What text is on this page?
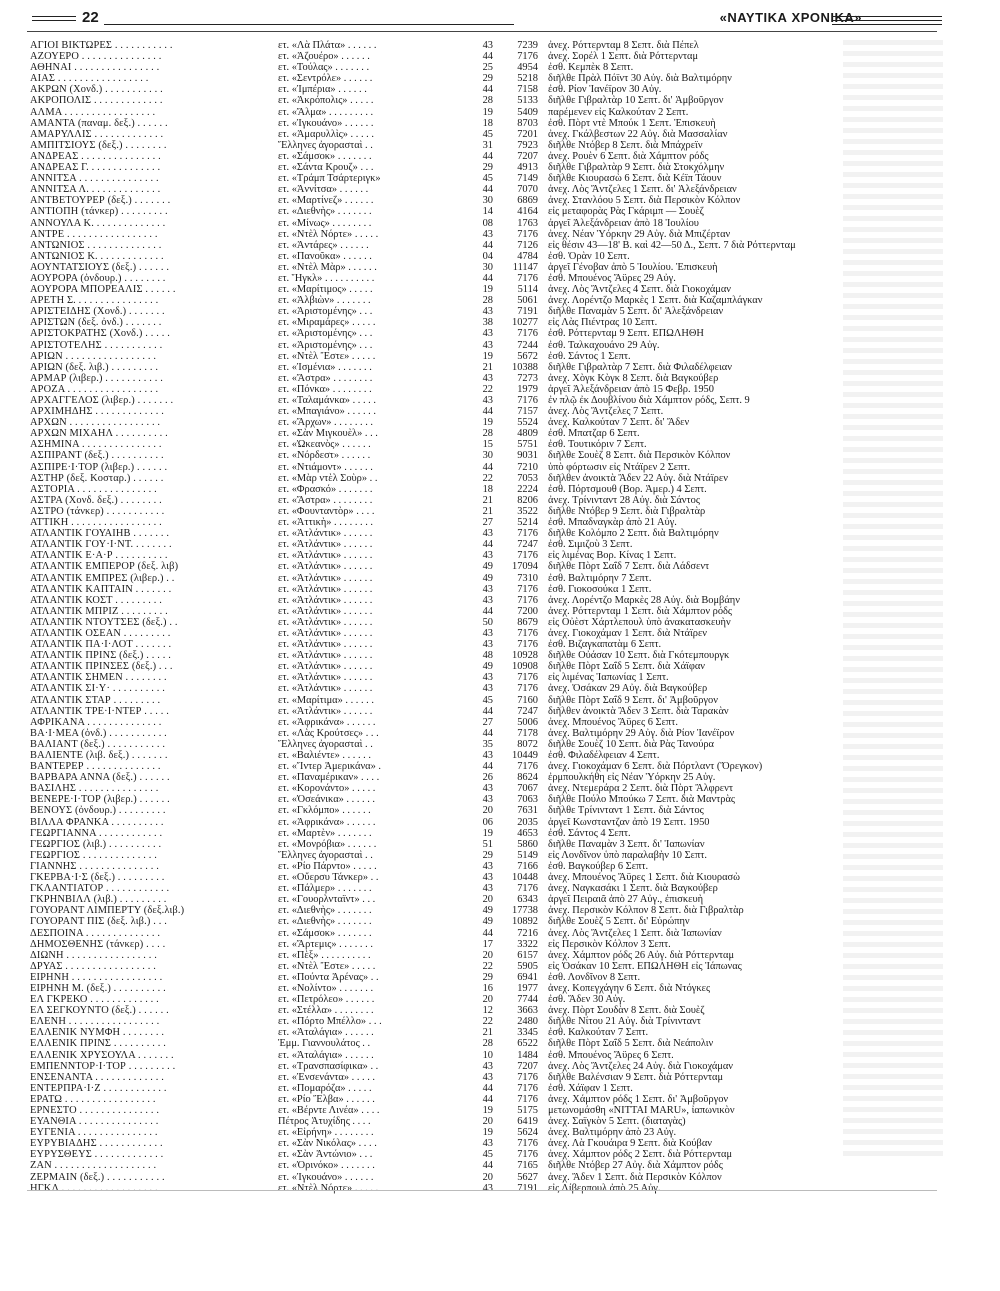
22	«ΝΑΥΤΙΚΑ ΧΡΟΝΙΚΑ»
ΑΓΙΟΙ ΒΙΚΤΩΡΕΣ . . . . . . . . . . .	ετ. «Λὰ Πλάτα» . . . . . .	43	7239 ἀνεχ. Ρόττερνταμ 8 Σεπτ. διὰ Πέπελ
ΑΖΟΥΕΡΟ . . . . . . . . . . . . . . .	ετ. «Ἀζουέρο» . . . . . .	44	7176 ἀνεχ. Σορέλ 1 Σεπτ. διὰ Ρόττερνταμ
ΑΘΗΝΑΙ . . . . . . . . . . . . . . . .	ετ. «Τούλας» . . . . . . .	25	4954 ἐσθ. Κεμπὲκ 8 Σεπτ.
ΑΙΑΣ . . . . . . . . . . . . . . . . .	ετ. «Σεντρόλε» . . . . . .	29	5218 διῆλθε Πρὰλ Πόϊντ 30 Αὐγ. διὰ Βαλτιμόρην
ΑΚΡΩΝ (Χονδ.) . . . . . . . . . . .	ετ. «Ἰμπέρια» . . . . . .	44	7158 ἐσθ. Ρίον Ἰανέϊρον 30 Αὐγ.
ΑΚΡΟΠΟΛΙΣ . . . . . . . . . . . . .	ετ. «Ἀκρόπολις» . . . . .	28	5133 διῆλθε Γιβραλτὰρ 10 Σεπτ. δι' Ἀμβοῦργον
ΑΛΜΑ . . . . . . . . . . . . . . . . .	ετ. «Ἄλμα» . . . . . . . . .	19	5409 παρέμενεν εἰς Καλκούταν 2 Σεπτ.
ΑΜΑΝΤΑ (παναμ. δεξ.) . . . . . .	ετ. «Ἰγκουάνο» . . . . . .	18	8703 ἐσθ. Πὸρτ ντὲ Μπούκ 1 Σεπτ. Ἐπισκευὴ
ΑΜΑΡΥΛΛΙΣ . . . . . . . . . . . . .	ετ. «Ἀμαρυλλὶς» . . . . .	45	7201 ἀνεχ. Γκάλβεστων 22 Αὐγ. διὰ Μασσαλίαν
ΑΜΠΙΤΣΙΟΥΣ (δεξ.) . . . . . . . .	Ἕλληνες ἀγορασταὶ . .	31	7923 διῆλθε Ντόβερ 8 Σεπτ. διὰ Μπάχρεϊν
ΑΝΔΡΕΑΣ . . . . . . . . . . . . . . .	ετ. «Σάμσοκ» . . . . . . .	44	7207 ἀνεχ. Ρουὲν 6 Σεπτ. διὰ Χάμπτον ρόδς
ΑΝΔΡΕΑΣ Γ. . . . . . . . . . . . . .	ετ. «Σάντα Κρουζ» . . .	29	4913 διῆλθε Γιβραλτὰρ 9 Σεπτ. διὰ Στοκχόλμην
ΑΝΝΙΤΣΑ . . . . . . . . . . . . . . .	ετ. «Τράμπ Τσάρτεριγκ»	45	7149 διῆλθε Κιουρασὼ 6 Σεπτ. διὰ Κέϊπ Τάουν
ΑΝΝΙΤΣΑ Λ. . . . . . . . . . . . . .	ετ. «Ἀννίτσα» . . . . . .	44	7070 ἀνεχ. Λὸς Ἄντζελες 1 Σεπτ. δι' Ἀλεξάνδρειαν
ΑΝΤΒΕΤΟΥΡΕΡ (δεξ.) . . . . . . .	ετ. «Μαρτίνεζ» . . . . . .	30	6869 ἀνεχ. Στανλόου 5 Σεπτ. διὰ Περσικὸν Κόλπον
ΑΝΤΙΟΠΗ (τάνκερ) . . . . . . . . .	ετ. «Διεθνὴς» . . . . . . .	14	4164 εἰς μεταφορὰς Ρὰς Γκάριμπ — Σουὲζ
ΑΝΝΟΥΛΑ Κ. . . . . . . . . . . . . .	ετ. «Μίνως» . . . . . . . .	08	1763 ἀργεῖ Ἀλεξάνδρειαν ἀπὸ 18 Ἰουλίου
ΑΝΤΡΕ . . . . . . . . . . . . . . . . .	ετ. «Ντὲλ Νόρτε» . . . . .	43	7176 ἀνεχ. Νέαν Ὑόρκην 29 Αὐγ. διὰ Μπιζέρταν
ΑΝΤΩΝΙΟΣ . . . . . . . . . . . . . .	ετ. «Ἀντάρες» . . . . . .	44	7126 εἰς θέσιν 43—18' Β. καὶ 42—50 Δ., Σεπτ. 7 διὰ Ρόττερνταμ
ΑΝΤΩΝΙΟΣ Κ. . . . . . . . . . . . .	ετ. «Πανοῦκα» . . . . . .	04	4784 ἐσθ. Ὀρὰν 10 Σεπτ.
ΑΟΥΝΤΑΤΣΙΟΥΣ (δεξ.) . . . . . .	ετ. «Ντὲλ Μὰρ» . . . . . .	30	11147 ἀργεῖ Γένοβαν ἀπὸ 5 Ἰουλίου. Ἐπισκευὴ
ΑΟΥΡΟΡΑ (ὀνδουρ.) . . . . . . . .	ετ. Ἥγκλ» . . . . . . . . . .	44	7176 ἐσθ. Μπουένος Ἄϋρες 29 Αὐγ.
ΑΟΥΡΟΡΑ ΜΠΟΡΕΑΛΙΣ . . . . . .	ετ. «Μαρίτιμος» . . . . .	19	5114 ἀνεχ. Λὸς Ἄντζελες 4 Σεπτ. διὰ Γιοκοχάμαν
ΑΡΕΤΗ Σ. . . . . . . . . . . . . . . .	ετ. «Ἀλβιὼν» . . . . . . .	28	5061 ἀνεχ. Λορέντζο Μαρκὲς 1 Σεπτ. διὰ Καζαμπλάγκαν
ΑΡΙΣΤΕΙΔΗΣ (Χονδ.) . . . . . . .	ετ. «Ἀριστομένης» . . .	43	7191 διῆλθε Παναμὰν 5 Σεπτ. δι' Ἀλεξάνδρειαν
ΑΡΙΣΤΩΝ (δεξ. ὀνδ.) . . . . . . .	ετ. «Μιραμάρες» . . . . .	38	10277 εἰς Λὰς Πιέντρας 10 Σεπτ.
ΑΡΙΣΤΟΚΡΑΤΗΣ (Χονδ.) . . . . .	ετ. «Ἀριστομένης» . . .	43	7176 ἐσθ. Ρόττερνταμ 9 Σεπτ. ΕΠΩΛΗΘΗ
ΑΡΙΣΤΟΤΕΛΗΣ . . . . . . . . . . .	ετ. «Ἀριστομένης» . . .	43	7244 ἐσθ. Ταλκαχουάνο 29 Αὐγ.
ΑΡΙΩΝ . . . . . . . . . . . . . . . . .	ετ. «Ντὲλ Ἔστε» . . . . .	19	5672 ἐσθ. Σάντος 1 Σεπτ.
ΑΡΙΩΝ (δεξ. λιβ.) . . . . . . . . .	ετ. «Ἰσμένια» . . . . . . .	21	10388 διῆλθε Γιβραλτὰρ 7 Σεπτ. διὰ Φιλαδέλφειαν
ΑΡΜΑΡ (λιβερ.) . . . . . . . . . . .	ετ. «Ἄστρα» . . . . . . . .	43	7273 ἀνεχ. Χὸγκ Κὸγκ 8 Σεπτ. διὰ Βαγκούβερ
ΑΡΟΖΑ . . . . . . . . . . . . . . . . .	ετ. «Πόνκα» . . . . . . . .	22	1979 ἀργεῖ Ἀλεξάνδρειαν ἀπὸ 15 Φεβρ. 1950
ΑΡΧΑΓΓΕΛΟΣ (λιβερ.) . . . . . . .	ετ. «Ταλαμάνκα» . . . . .	43	7176 ἐν πλῷ ἐκ Δουβλίνου διὰ Χάμπτον ρόδς, Σεπτ. 9
ΑΡΧΙΜΗΔΗΣ . . . . . . . . . . . . .	ετ. «Μπαγιάνο» . . . . . .	44	7157 ἀνεχ. Λὸς Ἄντζελες 7 Σεπτ.
ΑΡΧΩΝ . . . . . . . . . . . . . . . . .	ετ. «Ἄρχων» . . . . . . . .	19	5524 ἀνεχ. Καλκούταν 7 Σεπτ. δι' Ἄδεν
ΑΡΧΩΝ ΜΙΧΑΗΛ . . . . . . . . . .	ετ. «Σὰν Μιγκουὲλ» . . .	28	4809 ἐσθ. Μπατζαρ 6 Σεπτ.
ΑΣΗΜΙΝΑ . . . . . . . . . . . . . . .	ετ. «Ὠκεανὸς» . . . . . .	15	5751 ἐσθ. Τουτικόριν 7 Σεπτ.
ΑΣΠΙΡΑΝΤ (δεξ.) . . . . . . . . . .	ετ. «Νόρδεστ» . . . . . .	30	9031 διῆλθε Σουὲζ 8 Σεπτ. διὰ Περσικὸν Κόλπον
ΑΣΠΙΡΕ·Ι·ΤΟΡ (λιβερ.) . . . . . .	ετ. «Ντιάμοντ» . . . . . .	44	7210 ὑπὸ φόρτωσιν εἰς Ντάϊρεν 2 Σεπτ.
ΑΣΤΗΡ (δεξ. Κοσταρ.) . . . . . .	ετ. «Μὰρ ντὲλ Σοὺρ» . .	22	7053 διῆλθεν ἀνοικτὰ Ἄδεν 22 Αὐγ. διὰ Ντάϊρεν
ΑΣΤΟΡΙΑ . . . . . . . . . . . . . . .	ετ. «Φρασκό» . . . . . . .	18	2224 ἐσθ. Πόρτσμουθ (Βορ. Ἀμερ.) 4 Σεπτ.
ΑΣΤΡΑ (Χονδ. δεξ.) . . . . . . . .	ετ. «Ἄστρα» . . . . . . . .	21	8206 ἀνεχ. Τρίνινταντ 28 Αὐγ. διὰ Σάντος
ΑΣΤΡΟ (τάνκερ) . . . . . . . . . . .	ετ. «Φουνταντὸρ» . . . .	21	3522 διῆλθε Ντόβερ 9 Σεπτ. διὰ Γιβραλτὰρ
ΑΤΤΙΚΗ . . . . . . . . . . . . . . . . .	ετ. «Ἀττικὴ» . . . . . . . .	27	5214 ἐσθ. Μπαδναγκὰρ ἀπὸ 21 Αὐγ.
ΑΤΛΑΝΤΙΚ ΓΟΥΑΙΗΒ . . . . . . .	ετ. «Ἀτλάντικ» . . . . . .	43	7176 διῆλθε Κολόμπο 2 Σεπτ. διὰ Βαλτιμόρην
ΑΤΛΑΝΤΙΚ ΓΟΥ·Ι·ΝΤ. . . . . . . .	ετ. «Ἀτλάντικ» . . . . . .	44	7247 ἐσθ. Σιμιζοὺ 3 Σεπτ.
ΑΤΛΑΝΤΙΚ Ε·Α·Ρ . . . . . . . . . .	ετ. «Ἀτλάντικ» . . . . . .	43	7176 εἰς λιμένας Βορ. Κίνας 1 Σεπτ.
ΑΤΛΑΝΤΙΚ ΕΜΠΕΡΟΡ (δεξ. λιβ)	ετ. «Ἀτλάντικ» . . . . . .	49	17094 διῆλθε Πὸρτ Σαΐδ 7 Σεπτ. διὰ Λάδσεντ
ΑΤΛΑΝΤΙΚ ΕΜΠΡΕΣ (λιβερ.) . .	ετ. «Ἀτλάντικ» . . . . . .	49	7310 ἐσθ. Βαλτιμόρην 7 Σεπτ.
ΑΤΛΑΝΤΙΚ ΚΑΠΤΑΙΝ . . . . . . .	ετ. «Ἀτλάντικ» . . . . . .	43	7176 ἐσθ. Γιοκοσούκα 1 Σεπτ.
ΑΤΛΑΝΤΙΚ ΚΟΣΤ . . . . . . . . .	ετ. «Ἀτλάντικ» . . . . . .	43	7176 ἀνεχ. Λορέντζο Μαρκὲς 28 Αὐγ. διὰ Βομβάην
ΑΤΛΑΝΤΙΚ ΜΠΡΙΖ . . . . . . . . .	ετ. «Ἀτλάντικ» . . . . . .	44	7200 ἀνεχ. Ρόττερνταμ 1 Σεπτ. διὰ Χάμπτον ρόδς
ΑΤΛΑΝΤΙΚ ΝΤΟΥΤΣΕΣ (δεξ.) . .	ετ. «Ἀτλάντικ» . . . . . .	50	8679 εἰς Οὐὲστ Χάρτλεπουλ ὑπὸ ἀνακατασκευὴν
ΑΤΛΑΝΤΙΚ ΟΣΕΑΝ . . . . . . . . .	ετ. «Ἀτλάντικ» . . . . . .	43	7176 ἀνεχ. Γιοκοχάμαν 1 Σεπτ. διὰ Ντάϊρεν
ΑΤΛΑΝΤΙΚ ΠΑ·Ι·ΛΟΤ . . . . . . .	ετ. «Ἀτλάντικ» . . . . . .	43	7176 ἐσθ. Βιζαγκαπατὰμ 6 Σεπτ.
ΑΤΛΑΝΤΙΚ ΠΡΙΝΣ (δεξ.) . . . . .	ετ. «Ἀτλάντικ» . . . . . .	48	10928 διῆλθε Οὐάσαν 10 Σεπτ. διὰ Γκότεμπουργκ
ΑΤΛΑΝΤΙΚ ΠΡΙΝΣΕΣ (δεξ.) . . .	ετ. «Ἀτλάντικ» . . . . . .	49	10908 διῆλθε Πὸρτ Σαΐδ 5 Σεπτ. διὰ Χάϊφαν
ΑΤΛΑΝΤΙΚ ΣΗΜΕΝ . . . . . . . .	ετ. «Ἀτλάντικ» . . . . . .	43	7176 εἰς λιμένας Ἰαπωνίας 1 Σεπτ.
ΑΤΛΑΝΤΙΚ ΣΙ·Υ· . . . . . . . . . .	ετ. «Ἀτλάντικ» . . . . . .	43	7176 ἀνεχ. Ὀσάκαν 29 Αὐγ. διὰ Βαγκούβερ
ΑΤΛΑΝΤΙΚ ΣΤΑΡ . . . . . . . . .	ετ. «Μαρίτιμα» . . . . . .	45	7160 διῆλθε Πὸρτ Σαΐδ 9 Σεπτ. δι' Ἀμβοῦργον
ΑΤΛΑΝΤΙΚ ΤΡΕ·Ι·ΝΤΕΡ . . . . .	ετ. «Ἀτλάντικ» . . . . . .	44	7247 διῆλθεν ἀνοικτὰ Ἄδεν 3 Σεπτ. διὰ Ταρακὰν
ΑΦΡΙΚΑΝΑ . . . . . . . . . . . . . .	ετ. «Ἀφρικάνα» . . . . . .	27	5006 ἀνεχ. Μπουένος Ἄϋρες 6 Σεπτ.
ΒΑ·Ι·ΜΕΑ (ὀνδ.) . . . . . . . . . . .	ετ. «Λὰς Κρούτσες» . . .	44	7178 ἀνεχ. Βαλτιμόρην 29 Αὐγ. διὰ Ρίον Ἰανέϊρον
ΒΑΛΙΑΝΤ (δεξ.) . . . . . . . . . . .	Ἕλληνες ἀγορασταὶ . .	35	8072 διῆλθε Σουὲζ 10 Σεπτ. διὰ Ρὰς Τανούρα
ΒΑΛΙΕΝΤΕ (λιβ. δεξ.) . . . . . . .	ετ. «Βαλιέντε» . . . . . .	43	10449 ἐσθ. Φιλαδέλφειαν 4 Σεπτ.
ΒΑΝΤΕΡΕΡ . . . . . . . . . . . . . .	ετ. «Ἴντερ Ἀμερικάνα» .	44	7176 ἀνεχ. Γιοκοχάμαν 6 Σεπτ. διὰ Πόρτλαντ (Ὄρεγκον)
ΒΑΡΒΑΡΑ ΑΝΝΑ (δεξ.) . . . . . .	ετ. «Παναμέρικαν» . . . .	26	8624 ἐρμπουλκήθη εἰς Νέαν Ὑόρκην 25 Αὐγ.
ΒΑΣΙΛΗΣ . . . . . . . . . . . . . . .	ετ. «Κορονάντο» . . . . .	43	7067 ἀνεχ. Ντεμεράρα 2 Σεπτ. διὰ Πὸρτ Ἄλφρεντ
ΒΕΝΕΡΕ·Ι·ΤΟΡ (λιβερ.) . . . . . .	ετ. «Ὀσεάνικα» . . . . . .	43	7063 διῆλθε Πούλο Μπούκω 7 Σεπτ. διὰ Μαντρὰς
ΒΕΝΟΥΣ (ὀνδουρ.) . . . . . . . . .	ετ. «Γκλόμπο» . . . . . .	20	7631 διῆλθε Τρίνινταντ 1 Σεπτ. διὰ Σάντος
ΒΙΛΛΑ ΦΡΑΝΚΑ . . . . . . . . . .	ετ. «Ἀφρικάνα» . . . . . .	06	2035 ἀργεῖ Κωνσταντζαν ἀπὸ 19 Σεπτ. 1950
ΓΕΩΡΓΙΑΝΝΑ . . . . . . . . . . . .	ετ. «Μαρτὲν» . . . . . . .	19	4653 ἐσθ. Σάντος 4 Σεπτ.
ΓΕΩΡΓΙΟΣ (λιβ.) . . . . . . . . . .	ετ. «Μονρόβια» . . . . . .	51	5860 διῆλθε Παναμὰν 3 Σεπτ. δι' Ἰαπωνίαν
ΓΕΩΡΓΙΟΣ . . . . . . . . . . . . . .	Ἕλληνες ἀγορασταὶ . .	29	5149 εἰς Λονδῖνον ὑπὸ παραλαβὴν 10 Σεπτ.
ΓΙΑΝΝΗΣ . . . . . . . . . . . . . . .	ετ. «Ρίο Πάρντο» . . . . .	43	7166 ἐσθ. Βαγκούβερ 6 Σεπτ.
ΓΚΕΡΒΑ·Ι·Σ (δεξ.) . . . . . . . . .	ετ. «Οὔερσυ Τάνκερ» . .	43	10448 ἀνεχ. Μπουένος Ἄϋρες 1 Σεπτ. διὰ Κιουρασὼ
ΓΚΛΑΝΤΙΑΤΟΡ . . . . . . . . . . . .	ετ. «Πάλμερ» . . . . . . .	43	7176 ἀνεχ. Ναγκασάκι 1 Σεπτ. διὰ Βαγκούβερ
ΓΚΡΗΝΒΙΛΛ (λιβ.) . . . . . . . . .	ετ. «Γουορλνταϊντ» . . .	20	6343 ἀργεῖ Πειραιᾶ ἀπὸ 27 Αὐγ., ἐπισκευὴ
ΓΟΥΟΡΑΝΤ ΛΙΜΠΕΡΤΥ (δεξ.λιβ.)	ετ. «Διεθνὴς» . . . . . . .	49	17738 ἀνεχ. Περσικὸν Κόλπον 8 Σεπτ. διὰ Γιβραλτὰρ
ΓΟΥΟΡΑΝΤ ΠΙΣ (δεξ. λιβ.) . . .	ετ. «Διεθνὴς» . . . . . . .	49	10892 διῆλθε Σουὲζ 5 Σεπτ. δι' Εὐρώπην
ΔΕΣΠΟΙΝΑ . . . . . . . . . . . . . .	ετ. «Σάμσοκ» . . . . . . .	44	7216 ἀνεχ. Λὸς Ἄντζελες 1 Σεπτ. διὰ Ἰαπωνίαν
ΔΗΜΟΣΘΕΝΗΣ (τάνκερ) . . . .	ετ. «Ἄρτεμις» . . . . . . .	17	3322 εἰς Περσικὸν Κόλπον 3 Σεπτ.
ΔΙΩΝΗ . . . . . . . . . . . . . . . . .	ετ. «Πὲξ» . . . . . . . . . .	20	6157 ἀνεχ. Χάμπτον ρόδς 26 Αὐγ. διὰ Ρόττερνταμ
ΔΡΥΑΣ . . . . . . . . . . . . . . . . .	ετ. «Ντὲλ Ἔστε» . . . . .	22	5905 εἰς Ὀσάκαν 10 Σεπτ. ΕΠΩΛΗΘΗ εἰς Ἰάπωνας
ΕΙΡΗΝΗ . . . . . . . . . . . . . . . . .	ετ. «Πούντα Ἀρένας» . .	29	6941 ἐσθ. Λονδῖνον 8 Σεπτ.
ΕΙΡΗΝΗ Μ. (δεξ.) . . . . . . . . . .	ετ. «Νολίντο» . . . . . . .	16	1977 ἀνεχ. Κοπεγχάγην 6 Σεπτ. διὰ Ντόγκες
ΕΛ ΓΚΡΕΚΟ . . . . . . . . . . . . .	ετ. «Πετρόλεο» . . . . . .	20	7744 ἐσθ. Ἄδεν 30 Αὐγ.
ΕΛ ΣΕΓΚΟΥΝΤΟ (δεξ.) . . . . . .	ετ. «Στέλλα» . . . . . . . .	12	3663 ἀνεχ. Πὸρτ Σουδὰν 8 Σεπτ. διὰ Σουὲζ
ΕΛΕΝΗ . . . . . . . . . . . . . . . . .	ετ. «Πόρτο Μπέλλο» . . .	22	2480 διῆλθε Νίτου 21 Αὐγ. διὰ Τρίνινταντ
ΕΛΛΕΝΙΚ ΝΥΜΦΗ . . . . . . . .	ετ. «Ἀταλάγια» . . . . . .	21	3345 ἐσθ. Καλκούταν 7 Σεπτ.
ΕΛΛΕΝΙΚ ΠΡΙΝΣ . . . . . . . . . .	Ἐμμ. Γιαννουλάτος . .	28	6522 διῆλθε Πὸρτ Σαΐδ 5 Σεπτ. διὰ Νεάπολιν
ΕΛΛΕΝΙΚ ΧΡΥΣΟΥΛΑ . . . . . . .	ετ. «Ἀταλάγια» . . . . . .	10	1484 ἐσθ. Μπουένος Ἄϋρες 6 Σεπτ.
ΕΜΠΕΝΝΤΟΡ·Ι·ΤΟΡ . . . . . . . . .	ετ. «Τρανσπασίφικα» . .	43	7207 ἀνεχ. Λὸς Ἄντζελες 24 Αὐγ. διὰ Γιοκοχάμαν
ΕΝΣΕΝΑΝΤΑ . . . . . . . . . . . . .	ετ. «Ἐνσενάντα» . . . . .	43	7176 διῆλθε Βαλένσιαν 9 Σεπτ. διὰ Ρόττερνταμ
ΕΝΤΕΡΠΡΑ·Ι·Ζ . . . . . . . . . . . .	ετ. «Πομαρόζα» . . . . .	44	7176 ἐσθ. Χάϊφαν 1 Σεπτ.
ΕΡΑΤΩ . . . . . . . . . . . . . . . . .	ετ. «Ρίο Ἔλβα» . . . . . .	44	7176 ἀνεχ. Χάμπτον ρόδς 1 Σεπτ. δι' Ἀμβοῦργον
ΕΡΝΕΣΤΟ . . . . . . . . . . . . . . .	ετ. «Βέρντε Λινέα» . . . .	19	5175 μετωνομάσθη «ΝΙΤΤΑΙ MARU», ἰαπωνικὸν
ΕΥΑΝΘΙΑ . . . . . . . . . . . . . . .	Πέτρος Ἀτυχίδης . . . .	20	6419 ἀνεχ. Σαϊγκὸν 5 Σεπτ. (διαταγὰς)
ΕΥΓΕΝΙΑ . . . . . . . . . . . . . . .	ετ. «Εἰρήνη» . . . . . . . .	19	5624 ἀνεχ. Βαλτιμόρην ἀπὸ 23 Αὐγ.
ΕΥΡΥΒΙΑΔΗΣ . . . . . . . . . . . .	ετ. «Σὰν Νικόλας» . . . .	43	7176 ἀνεχ. Λὰ Γκουάιρα 9 Σεπτ. διὰ Κούβαν
ΕΥΡΥΣΘΕΥΣ . . . . . . . . . . . . .	ετ. «Σὰν Ἀντώνιο» . . .	45	7176 ἀνεχ. Χάμπτον ρόδς 2 Σεπτ. διὰ Ρόττερνταμ
ΖΑΝ . . . . . . . . . . . . . . . . . . .	ετ. «Ὀρινόκο» . . . . . . .	44	7165 διῆλθε Ντόβερ 27 Αὐγ. διὰ Χάμπτον ρόδς
ΖΕΡΜΑΙΝ (δεξ.) . . . . . . . . . . .	ετ. «Ἰγκουάνο» . . . . . .	20	5627 ἀνεχ. Ἄδεν 1 Σεπτ. διὰ Περσικὸν Κόλπον
ΗΓΚΛ . . . . . . . . . . . . . . . . . .	ετ. «Ντὲλ Νόρτε» . . . . .	43	7191 εἰς Λίβερπουλ ἀπὸ 25 Αὐγ.
